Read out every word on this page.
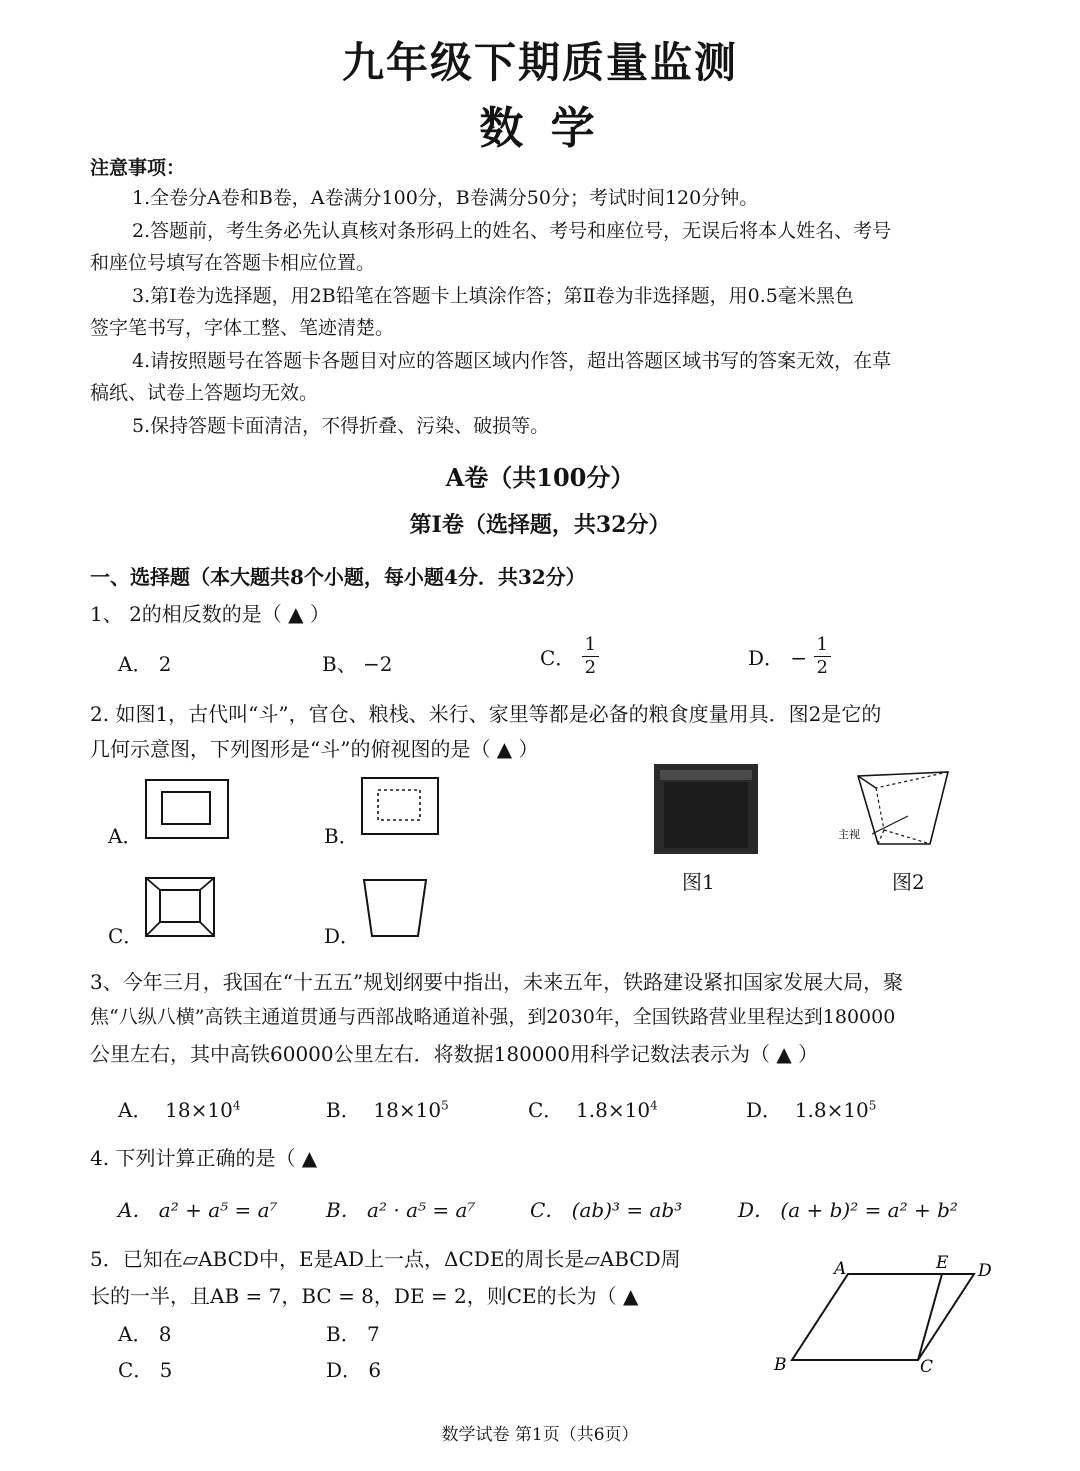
九年级下期质量监测
数 学
注意事项：
1.全卷分A卷和B卷，A卷满分100分，B卷满分50分；考试时间120分钟。
2.答题前，考生务必先认真核对条形码上的姓名、考号和座位号，无误后将本人姓名、考号
和座位号填写在答题卡相应位置。
3.第Ⅰ卷为选择题，用2B铅笔在答题卡上填涂作答；第Ⅱ卷为非选择题，用0.5毫米黑色
签字笔书写，字体工整、笔迹清楚。
4.请按照题号在答题卡各题目对应的答题区域内作答，超出答题区域书写的答案无效，在草
稿纸、试卷上答题均无效。
5.保持答题卡面清洁，不得折叠、污染、破损等。
A卷（共100分）
第Ⅰ卷（选择题，共32分）
一、选择题（本大题共8个小题，每小题4分．共32分）
1、 2的相反数的是（ ▲ ）
A． 2	B、 −2	C． $\frac{1}{2}$	D． − $\frac{1}{2}$
2. 如图1，古代叫“斗”，官仓、粮栈、米行、家里等都是必备的粮食度量用具．图2是它的
几何示意图，下列图形是“斗”的俯视图的是（ ▲ ）
A．	B．
C．	D．
图1
主视
图2
3、今年三月，我国在“十五五”规划纲要中指出，未来五年，铁路建设紧扣国家发展大局，聚
焦“八纵八横”高铁主通道贯通与西部战略通道补强，到2030年，全国铁路营业里程达到180000
公里左右，其中高铁60000公里左右．将数据180000用科学记数法表示为（ ▲ ）
A． $18\times 10^4$	B． $18\times 10^5$	C． $1.8\times 10^4$	D． $1.8\times 10^5$
4. 下列计算正确的是（ ▲
A． a² + a⁵ = a⁷ B． a² · a⁵ = a⁷	C． (ab)³ = ab³	D． (a + b)² = a² + b²
5．已知在▱ABCD中，E是AD上一点，ΔCDE的周长是▱ABCD周
长的一半，且AB = 7，BC = 8，DE = 2，则CE的长为（ ▲
A． 8	B． 7
C． 5	D． 6
A	E D
B	C
数学试卷 第1页（共6页）
